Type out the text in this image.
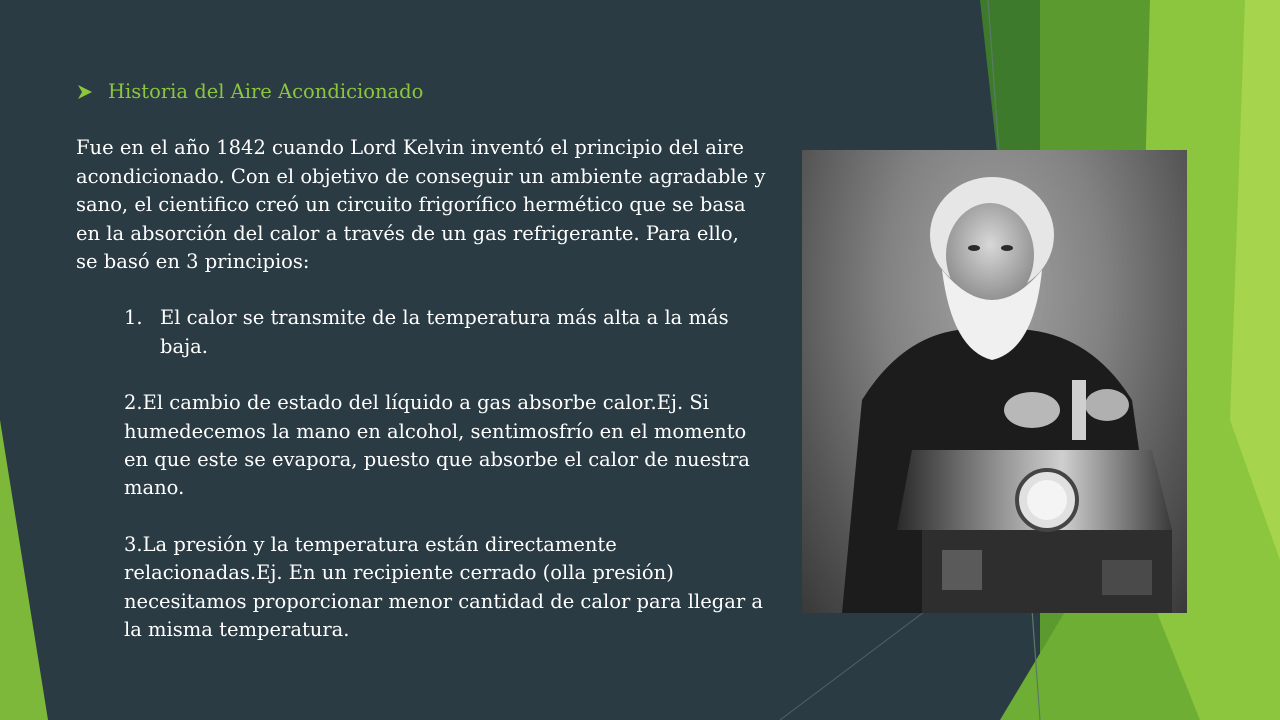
Historia del Aire Acondicionado

Fue en el año 1842 cuando Lord Kelvin inventó el principio del aire acondicionado. Con el objetivo de conseguir un ambiente agradable y sano, el cientifico creó un circuito frigorífico hermético que se basa en la absorción del calor a través de un gas refrigerante. Para ello, se basó en 3 principios:

1. El calor se transmite de la temperatura más alta a la más baja.
2.El cambio de estado del líquido a gas absorbe calor.Ej. Si humedecemos la mano en alcohol, sentimosfrío en el momento en que este se evapora, puesto que absorbe el calor de nuestra mano.
3.La presión y la temperatura están directamente relacionadas.Ej. En un recipiente cerrado (olla presión) necesitamos proporcionar menor cantidad de calor para llegar a la misma temperatura.
